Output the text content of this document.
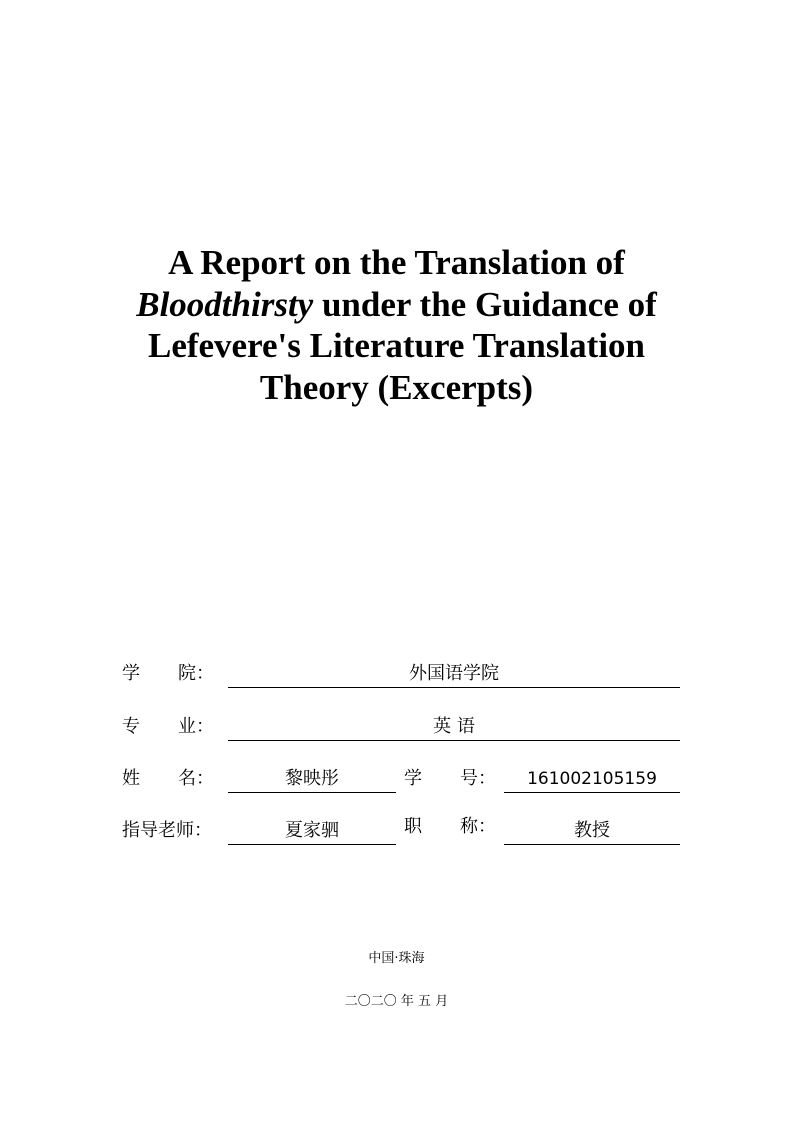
A Report on the Translation of
Bloodthirsty under the Guidance of
Lefevere's Literature Translation
Theory (Excerpts)
学 院：	外国语学院
专 业：	英 语
姓 名：	黎映彤	学 号：	161002105159
指导老师：	夏家驷	职 称：	教授
中国·珠海
二〇二〇 年 五 月
